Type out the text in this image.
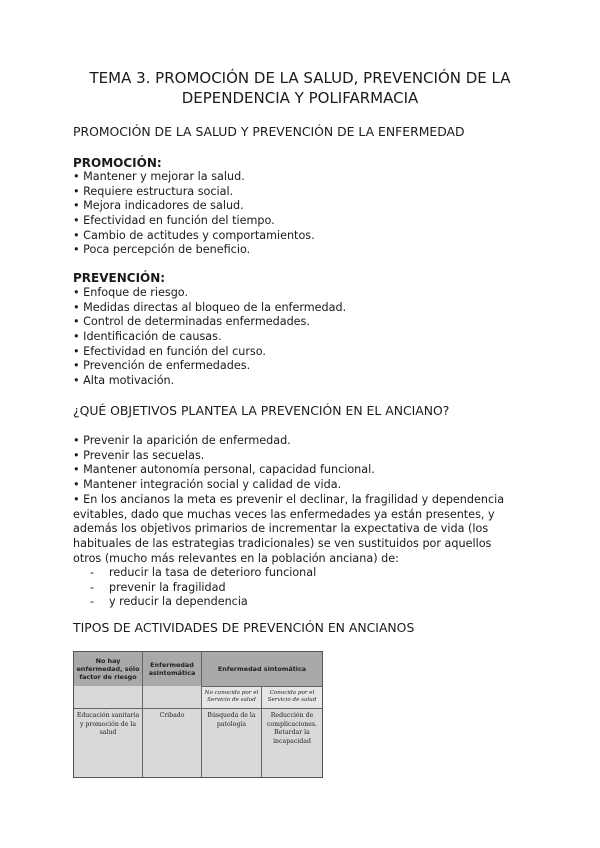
TEMA 3. PROMOCIÓN DE LA SALUD, PREVENCIÓN DE LA
DEPENDENCIA Y POLIFARMACIA
PROMOCIÓN DE LA SALUD Y PREVENCIÓN DE LA ENFERMEDAD
PROMOCIÓN:
• Mantener y mejorar la salud.
• Requiere estructura social.
• Mejora indicadores de salud.
• Efectividad en función del tiempo.
• Cambio de actitudes y comportamientos.
• Poca percepción de beneficio.
PREVENCIÓN:
• Enfoque de riesgo.
• Medidas directas al bloqueo de la enfermedad.
• Control de determinadas enfermedades.
• Identificación de causas.
• Efectividad en función del curso.
• Prevención de enfermedades.
• Alta motivación.
¿QUÉ OBJETIVOS PLANTEA LA PREVENCIÓN EN EL ANCIANO?
• Prevenir la aparición de enfermedad.
• Prevenir las secuelas.
• Mantener autonomía personal, capacidad funcional.
• Mantener integración social y calidad de vida.
• En los ancianos la meta es prevenir el declinar, la fragilidad y dependencia
evitables, dado que muchas veces las enfermedades ya están presentes, y
además los objetivos primarios de incrementar la expectativa de vida (los
habituales de las estrategias tradicionales) se ven sustituidos por aquellos
otros (mucho más relevantes en la población anciana) de:
- reducir la tasa de deterioro funcional
- prevenir la fragilidad
- y reducir la dependencia
TIPOS DE ACTIVIDADES DE PREVENCIÓN EN ANCIANOS
No hay enfermedad, sólo factor de riesgo
Enfermedad asintomática	Enfermedad sintomática
No conocida por el Servicio de salud
Conocida por el Servicio de salud
Educación sanitaria y promoción de la salud
Cribado	Búsqueda de la patología
Reducción de complicaciones. Retardar la incapacidad
